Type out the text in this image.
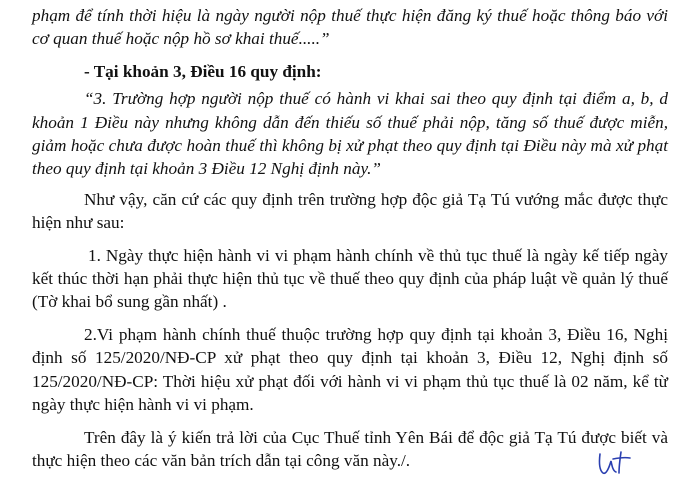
phạm để tính thời hiệu là ngày người nộp thuế thực hiện đăng ký thuế hoặc thông báo với cơ quan thuế hoặc nộp hồ sơ khai thuế.....”

- Tại khoản 3, Điều 16 quy định:

“3. Trường hợp người nộp thuế có hành vi khai sai theo quy định tại điểm a, b, d khoản 1 Điều này nhưng không dẫn đến thiếu số thuế phải nộp, tăng số thuế được miễn, giảm hoặc chưa được hoàn thuế thì không bị xử phạt theo quy định tại Điều này mà xử phạt theo quy định tại khoản 3 Điều 12 Nghị định này.”

Như vậy, căn cứ các quy định trên trường hợp độc giả Tạ Tú vướng mắc được thực hiện như sau:

1. Ngày thực hiện hành vi vi phạm hành chính về thủ tục thuế là ngày kế tiếp ngày kết thúc thời hạn phải thực hiện thủ tục về thuế theo quy định của pháp luật về quản lý thuế (Tờ khai bổ sung gần nhất) .

2.Vi phạm hành chính thuế thuộc trường hợp quy định tại khoản 3, Điều 16, Nghị định số 125/2020/NĐ-CP xử phạt theo quy định tại khoản 3, Điều 12, Nghị định số 125/2020/NĐ-CP: Thời hiệu xử phạt đối với hành vi vi phạm thủ tục thuế là 02 năm, kể từ ngày thực hiện hành vi vi phạm.

Trên đây là ý kiến trả lời của Cục Thuế tỉnh Yên Bái để độc giả Tạ Tú được biết và thực hiện theo các văn bản trích dẫn tại công văn này./.
